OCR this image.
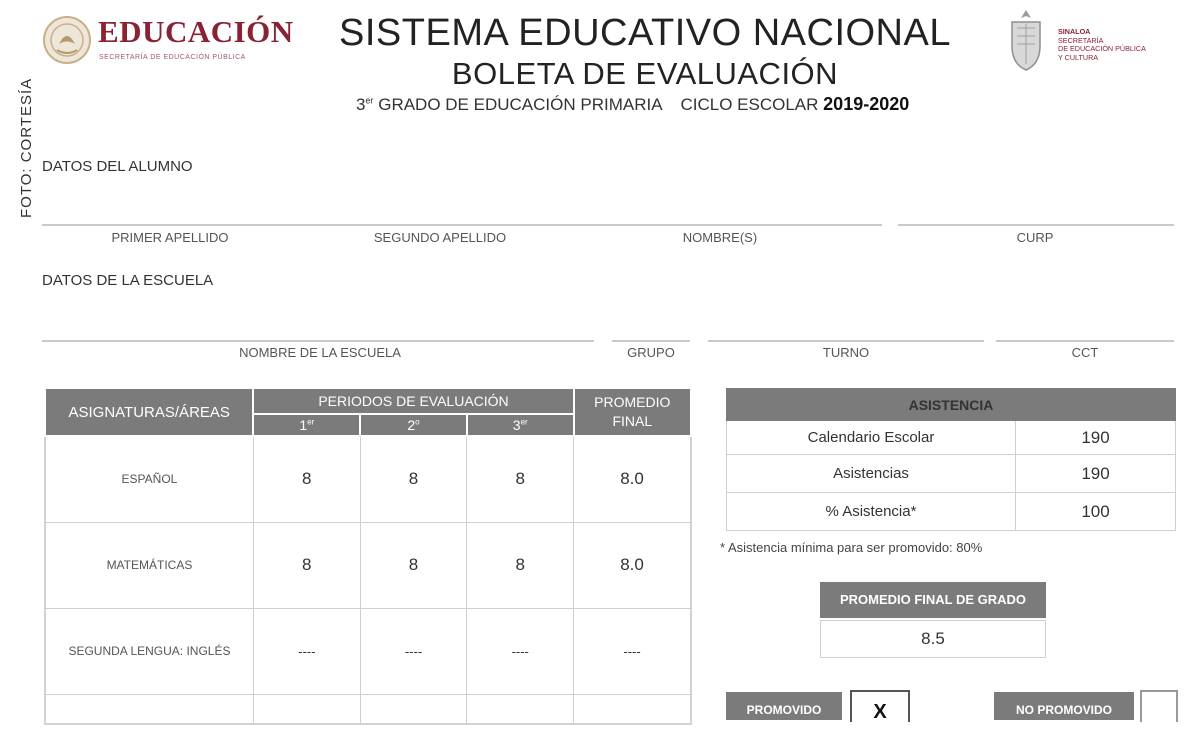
FOTO: CORTESÍA
EDUCACIÓN
SECRETARÍA DE EDUCACIÓN PÚBLICA
SISTEMA EDUCATIVO NACIONAL
BOLETA DE EVALUACIÓN
3er GRADO DE EDUCACIÓN PRIMARIA CICLO ESCOLAR 2019-2020
SINALOA
SECRETARÍA
DE EDUCACIÓN PÚBLICA
Y CULTURA
DATOS DEL ALUMNO
PRIMER APELLIDO	SEGUNDO APELLIDO	NOMBRE(S)	CURP
DATOS DE LA ESCUELA
NOMBRE DE LA ESCUELA	GRUPO	TURNO	CCT
ASIGNATURAS/ÁREAS	PERIODOS DE EVALUACIÓN			PROMEDIO
FINAL

	1er	2$^o$	3er
ESPAÑOL	8	8	8	8.0
MATEMÁTICAS	8	8	8	8.0
SEGUNDA LENGUA: INGLÉS	----	----	----	----

ASISTENCIA	
Calendario Escolar	190
Asistencias	190
% Asistencia*	100
* Asistencia mínima para ser promovido: 80%
PROMEDIO FINAL DE GRADO
8.5
PROMOVIDO	X	NO PROMOVIDO
